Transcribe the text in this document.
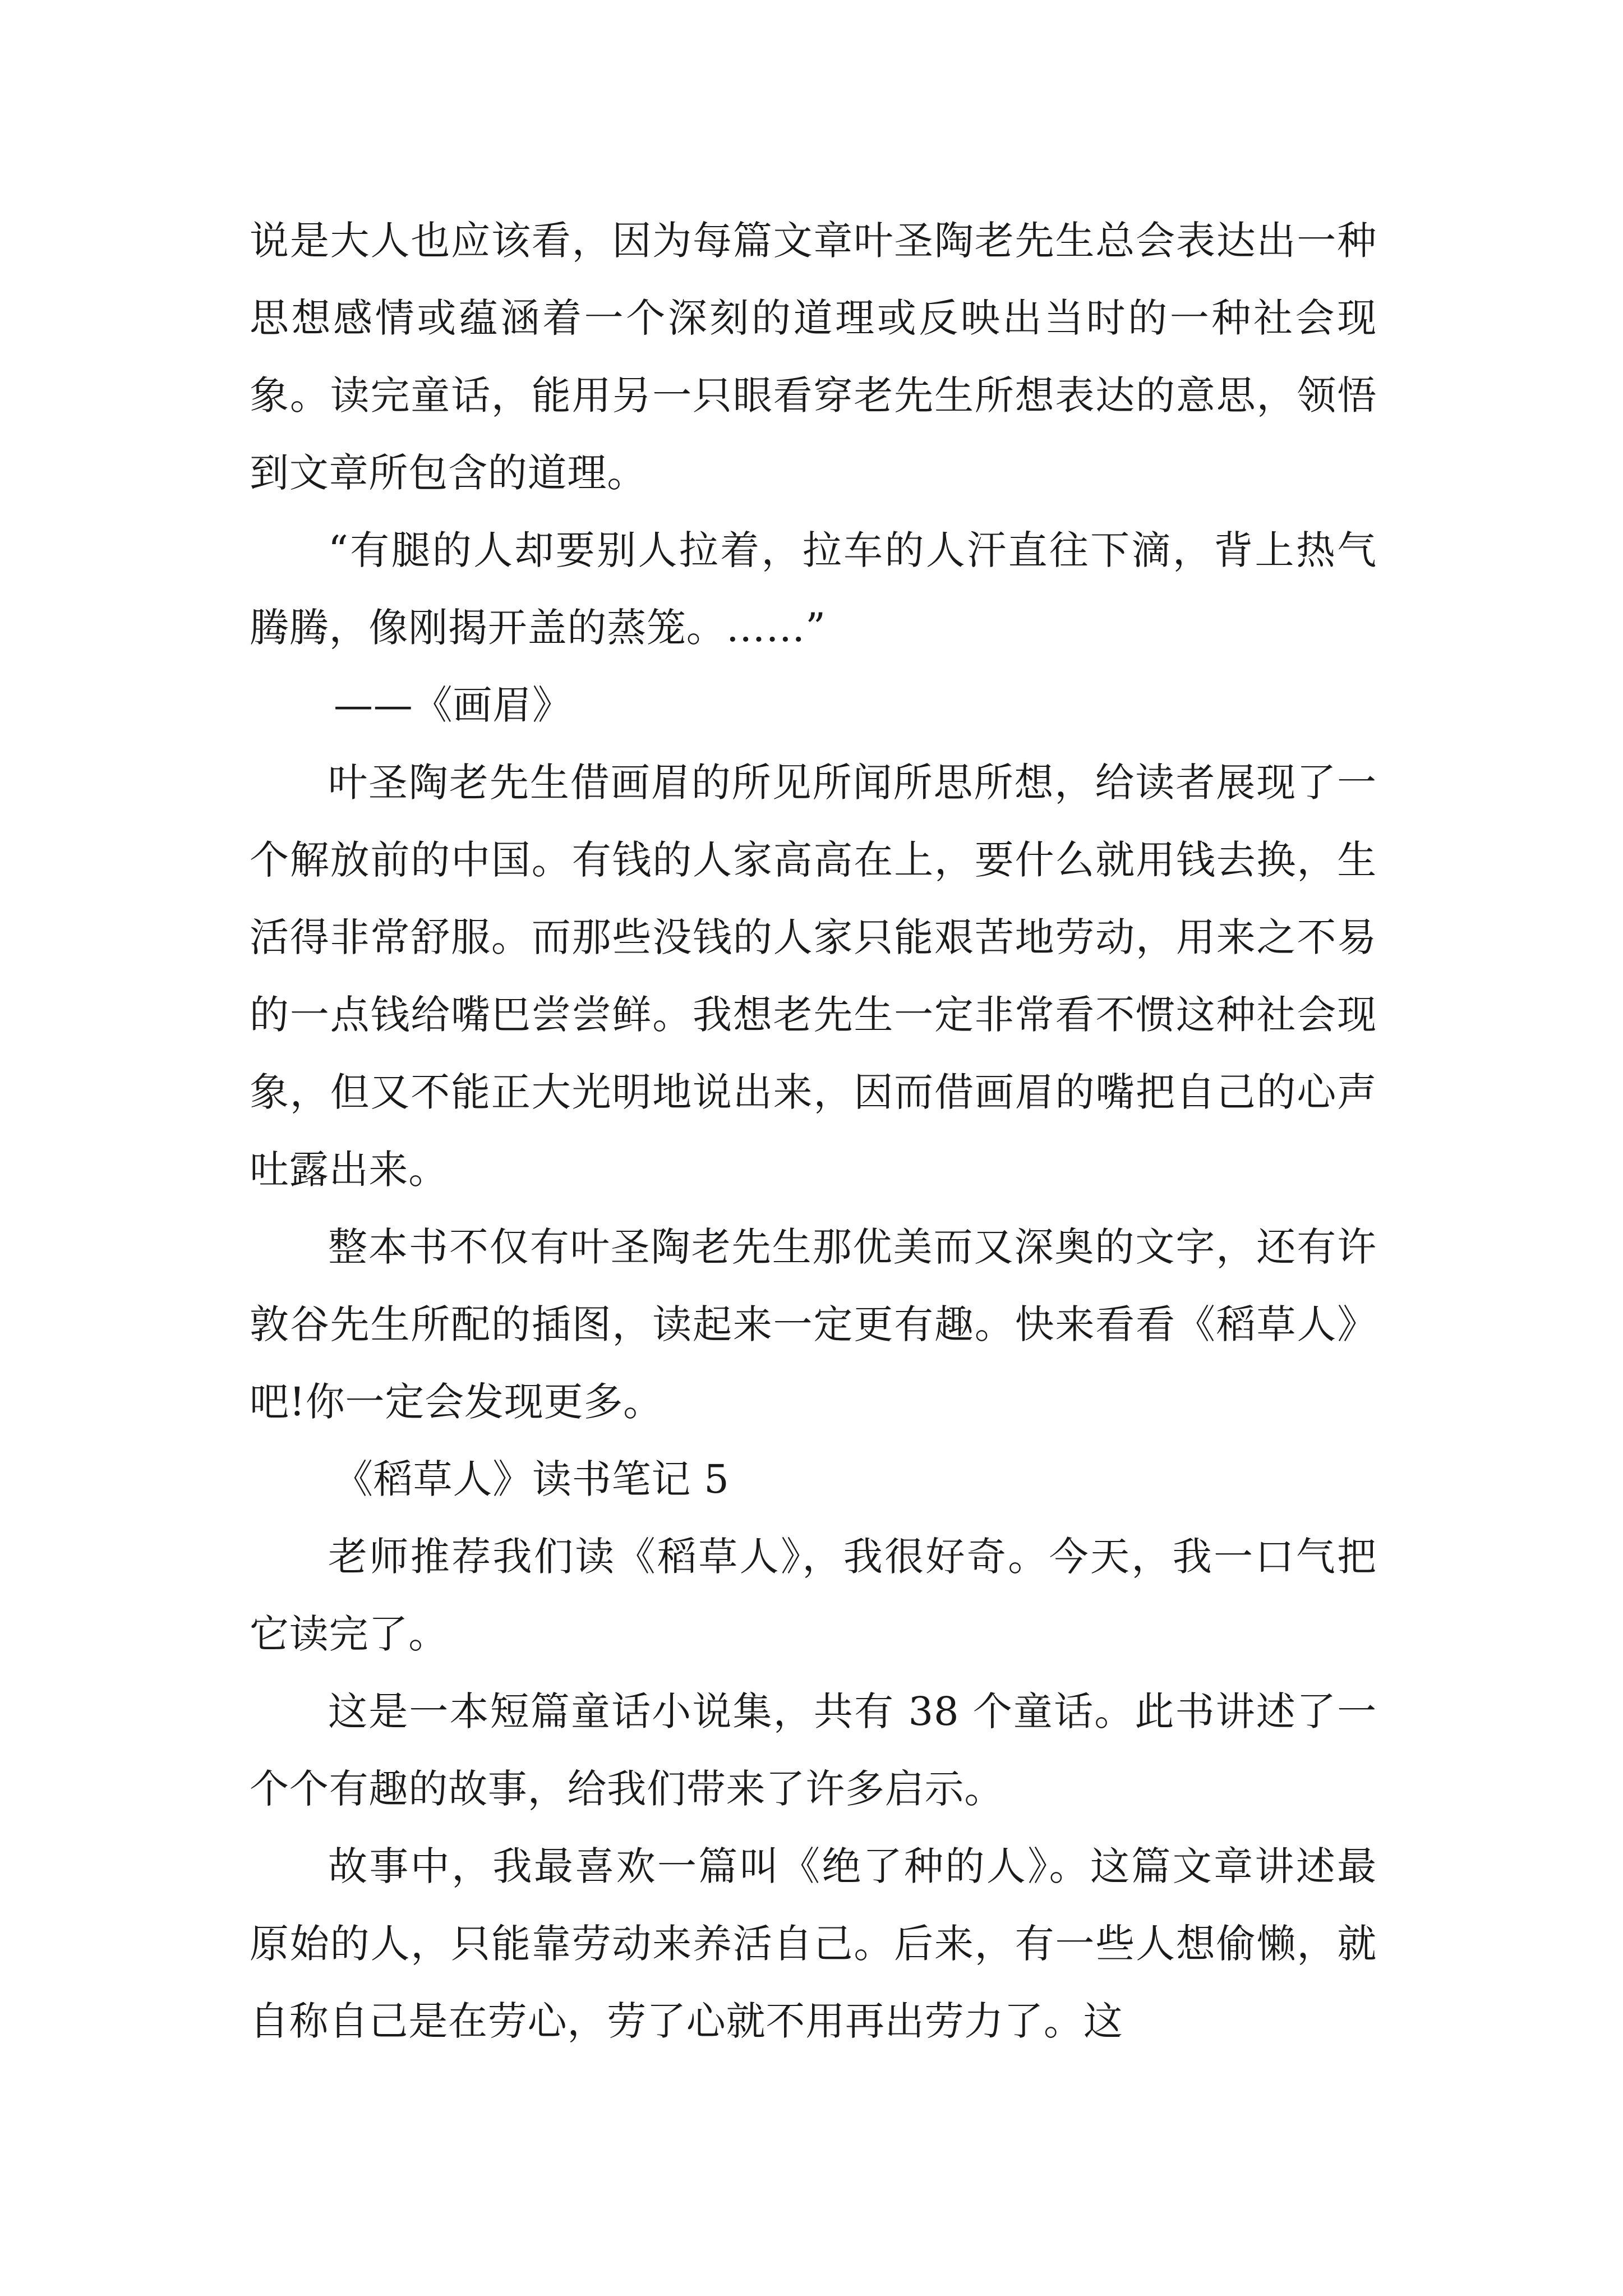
说是大人也应该看，因为每篇文章叶圣陶老先生总会表达出一种思想感情或蕴涵着一个深刻的道理或反映出当时的一种社会现象。读完童话，能用另一只眼看穿老先生所想表达的意思，领悟到文章所包含的道理。

“有腿的人却要别人拉着，拉车的人汗直往下滴，背上热气腾腾，像刚揭开盖的蒸笼。……”

——《画眉》

叶圣陶老先生借画眉的所见所闻所思所想，给读者展现了一个解放前的中国。有钱的人家高高在上，要什么就用钱去换，生活得非常舒服。而那些没钱的人家只能艰苦地劳动，用来之不易的一点钱给嘴巴尝尝鲜。我想老先生一定非常看不惯这种社会现象，但又不能正大光明地说出来，因而借画眉的嘴把自己的心声吐露出来。

整本书不仅有叶圣陶老先生那优美而又深奥的文字，还有许敦谷先生所配的插图，读起来一定更有趣。快来看看《稻草人》吧!你一定会发现更多。

《稻草人》读书笔记 5

老师推荐我们读《稻草人》，我很好奇。今天，我一口气把它读完了。

这是一本短篇童话小说集，共有 38 个童话。此书讲述了一个个有趣的故事，给我们带来了许多启示。

故事中，我最喜欢一篇叫《绝了种的人》。这篇文章讲述最原始的人，只能靠劳动来养活自己。后来，有一些人想偷懒，就自称自己是在劳心，劳了心就不用再出劳力了。这
